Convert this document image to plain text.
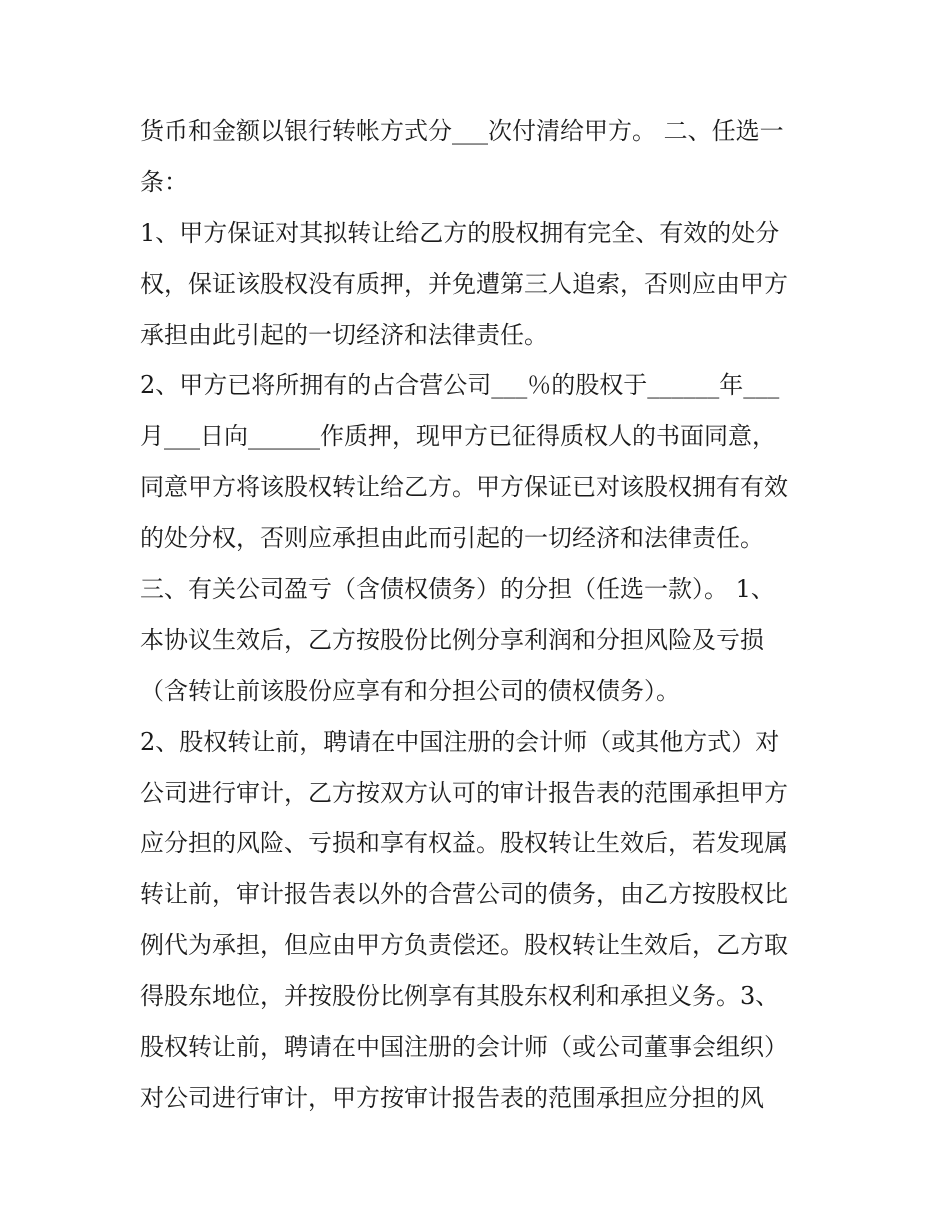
货币和金额以银行转帐方式分___次付清给甲方。 二、任选一
条：
1、甲方保证对其拟转让给乙方的股权拥有完全、有效的处分
权，保证该股权没有质押，并免遭第三人追索，否则应由甲方
承担由此引起的一切经济和法律责任。
2、甲方已将所拥有的占合营公司___％的股权于______年___
月___日向______作质押，现甲方已征得质权人的书面同意，
同意甲方将该股权转让给乙方。甲方保证已对该股权拥有有效
的处分权，否则应承担由此而引起的一切经济和法律责任。
三、有关公司盈亏（含债权债务）的分担（任选一款）。 1、
本协议生效后，乙方按股份比例分享利润和分担风险及亏损
（含转让前该股份应享有和分担公司的债权债务）。
2、股权转让前，聘请在中国注册的会计师（或其他方式）对
公司进行审计，乙方按双方认可的审计报告表的范围承担甲方
应分担的风险、亏损和享有权益。股权转让生效后，若发现属
转让前，审计报告表以外的合营公司的债务，由乙方按股权比
例代为承担，但应由甲方负责偿还。股权转让生效后，乙方取
得股东地位，并按股份比例享有其股东权利和承担义务。3、
股权转让前，聘请在中国注册的会计师（或公司董事会组织）
对公司进行审计，甲方按审计报告表的范围承担应分担的风
